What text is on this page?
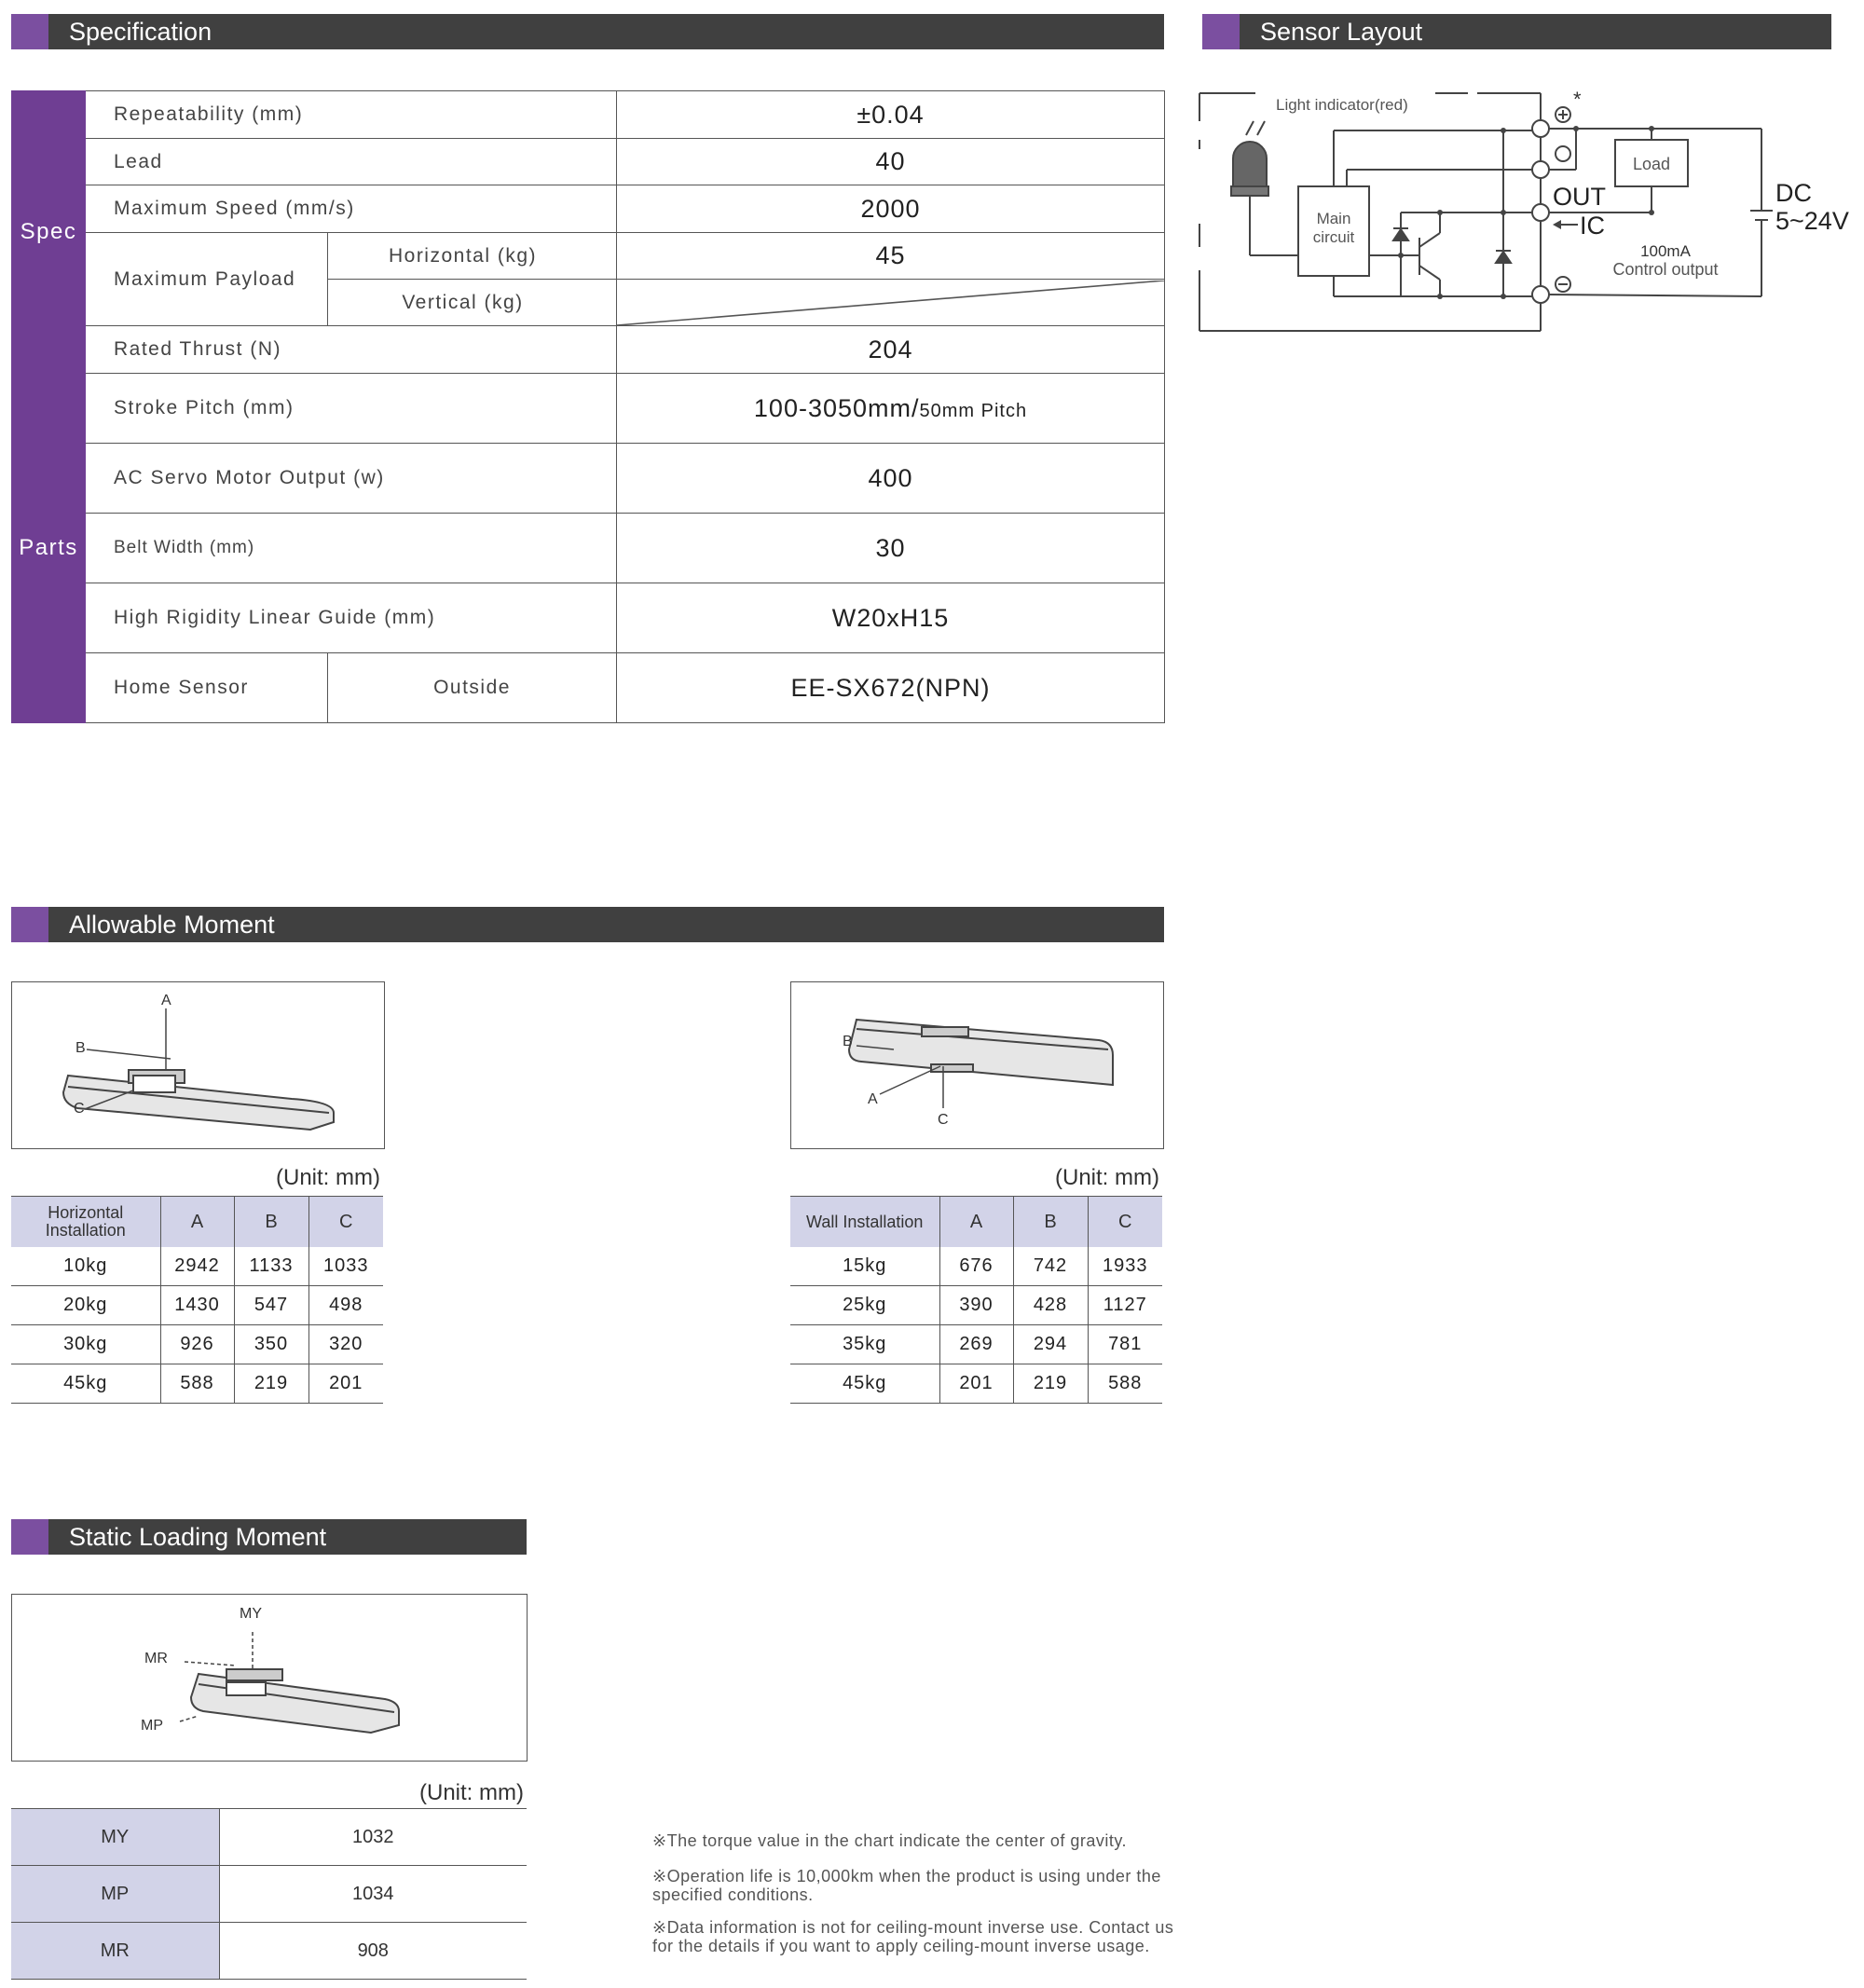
Specification	Sensor Layout
Allowable Moment
Static Loading Moment
Spec	Repeatability (mm)		±0.04
	Lead		40
	Maximum Speed (mm/s)		2000
	Maximum Payload	Horizontal (kg)	45
		Vertical (kg)	

	Rated Thrust (N)		204
Parts	Stroke Pitch (mm)		100-3050mm/50mm Pitch
	AC Servo Motor Output (w)		400
	Belt Width (mm)		30
	High Rigidity Linear Guide (mm)		W20xH15
	Home Sensor	Outside	EE-SX672(NPN)
Light indicator(red)	*
Main
circuit
Load
OUT
IC
DC
5~24V
100mA
Control output
A
B
C
B
A
C
(Unit: mm)	(Unit: mm)
Horizontal Installation	A	B	C
10kg	2942	1133	1033
20kg	1430	547	498
30kg	926	350	320
45kg	588	219	201
Wall Installation	A	B	C
15kg	676	742	1933
25kg	390	428	1127
35kg	269	294	781
45kg	201	219	588
MY
MR
MP
(Unit: mm)
MY	1032
MP	1034
MR	908
※The torque value in the chart indicate the center of gravity.
※Operation life is 10,000km when the product is using under the specified conditions.
※Data information is not for ceiling-mount inverse use. Contact us for the details if you want to apply ceiling-mount inverse usage.
